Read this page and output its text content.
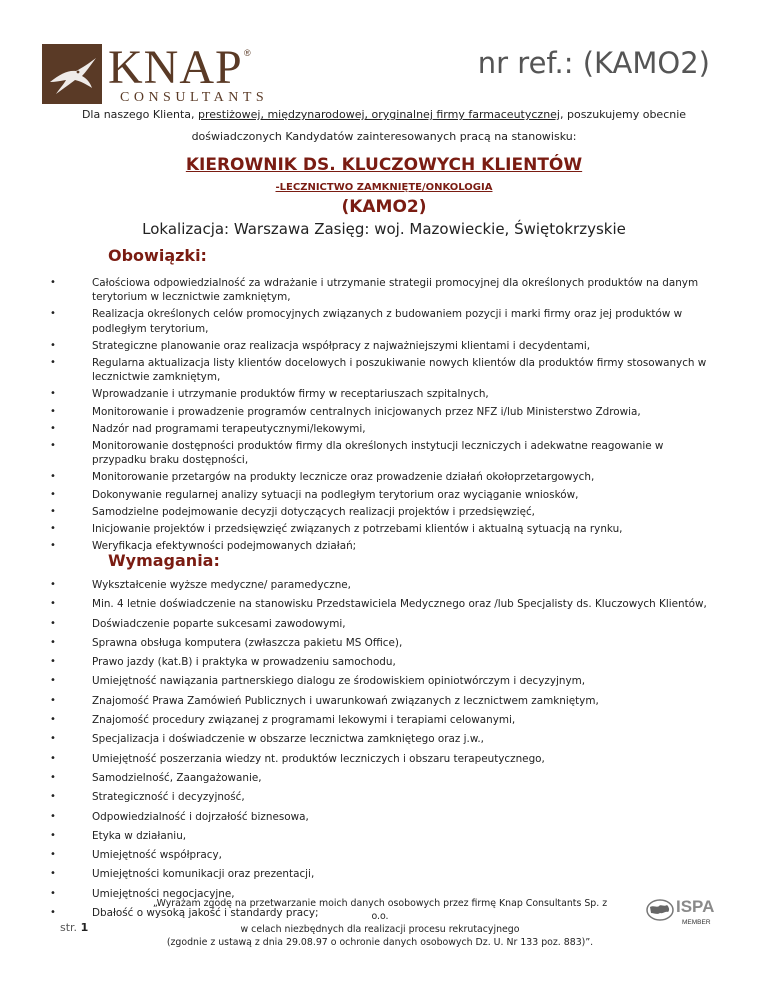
KNAP ®
CONSULTANTS
nr ref.: (KAMO2)
Dla naszego Klienta, prestiżowej, międzynarodowej, oryginalnej firmy farmaceutycznej, poszukujemy obecnie
doświadczonych Kandydatów zainteresowanych pracą na stanowisku:
KIEROWNIK DS. KLUCZOWYCH KLIENTÓW
-LECZNICTWO ZAMKNIĘTE/ONKOLOGIA
(KAMO2)
Lokalizacja: Warszawa Zasięg: woj. Mazowieckie, Świętokrzyskie
Obowiązki:
• Całościowa odpowiedzialność za wdrażanie i utrzymanie strategii promocyjnej dla określonych produktów na danym terytorium w lecznictwie zamkniętym,
• Realizacja określonych celów promocyjnych związanych z budowaniem pozycji i marki firmy oraz jej produktów w podległym terytorium,
• Strategiczne planowanie oraz realizacja współpracy z najważniejszymi klientami i decydentami,
• Regularna aktualizacja listy klientów docelowych i poszukiwanie nowych klientów dla produktów firmy stosowanych w lecznictwie zamkniętym,
• Wprowadzanie i utrzymanie produktów firmy w receptariuszach szpitalnych,
• Monitorowanie i prowadzenie programów centralnych inicjowanych przez NFZ i/lub Ministerstwo Zdrowia,
• Nadzór nad programami terapeutycznymi/lekowymi,
• Monitorowanie dostępności produktów firmy dla określonych instytucji leczniczych i adekwatne reagowanie w przypadku braku dostępności,
• Monitorowanie przetargów na produkty lecznicze oraz prowadzenie działań okołoprzetargowych,
• Dokonywanie regularnej analizy sytuacji na podległym terytorium oraz wyciąganie wniosków,
• Samodzielne podejmowanie decyzji dotyczących realizacji projektów i przedsięwzięć,
• Inicjowanie projektów i przedsięwzięć związanych z potrzebami klientów i aktualną sytuacją na rynku,
• Weryfikacja efektywności podejmowanych działań;
Wymagania:
• Wykształcenie wyższe medyczne/ paramedyczne,
• Min. 4 letnie doświadczenie na stanowisku Przedstawiciela Medycznego oraz /lub Specjalisty ds. Kluczowych Klientów,
• Doświadczenie poparte sukcesami zawodowymi,
• Sprawna obsługa komputera (zwłaszcza pakietu MS Office),
• Prawo jazdy (kat.B) i praktyka w prowadzeniu samochodu,
• Umiejętność nawiązania partnerskiego dialogu ze środowiskiem opiniotwórczym i decyzyjnym,
• Znajomość Prawa Zamówień Publicznych i uwarunkowań związanych z lecznictwem zamkniętym,
• Znajomość procedury związanej z programami lekowymi i terapiami celowanymi,
• Specjalizacja i doświadczenie w obszarze lecznictwa zamkniętego oraz j.w.,
• Umiejętność poszerzania wiedzy nt. produktów leczniczych i obszaru terapeutycznego,
• Samodzielność, Zaangażowanie,
• Strategiczność i decyzyjność,
• Odpowiedzialność i dojrzałość biznesowa,
• Etyka w działaniu,
• Umiejętność współpracy,
• Umiejętności komunikacji oraz prezentacji,
• Umiejętności negocjacyjne,
• Dbałość o wysoką jakość i standardy pracy;
str. 1
„Wyrażam zgodę na przetwarzanie moich danych osobowych przez firmę Knap Consultants Sp. z o.o.
w celach niezbędnych dla realizacji procesu rekrutacyjnego
(zgodnie z ustawą z dnia 29.08.97 o ochronie danych osobowych Dz. U. Nr 133 poz. 883)”.
ISPA
MEMBER
